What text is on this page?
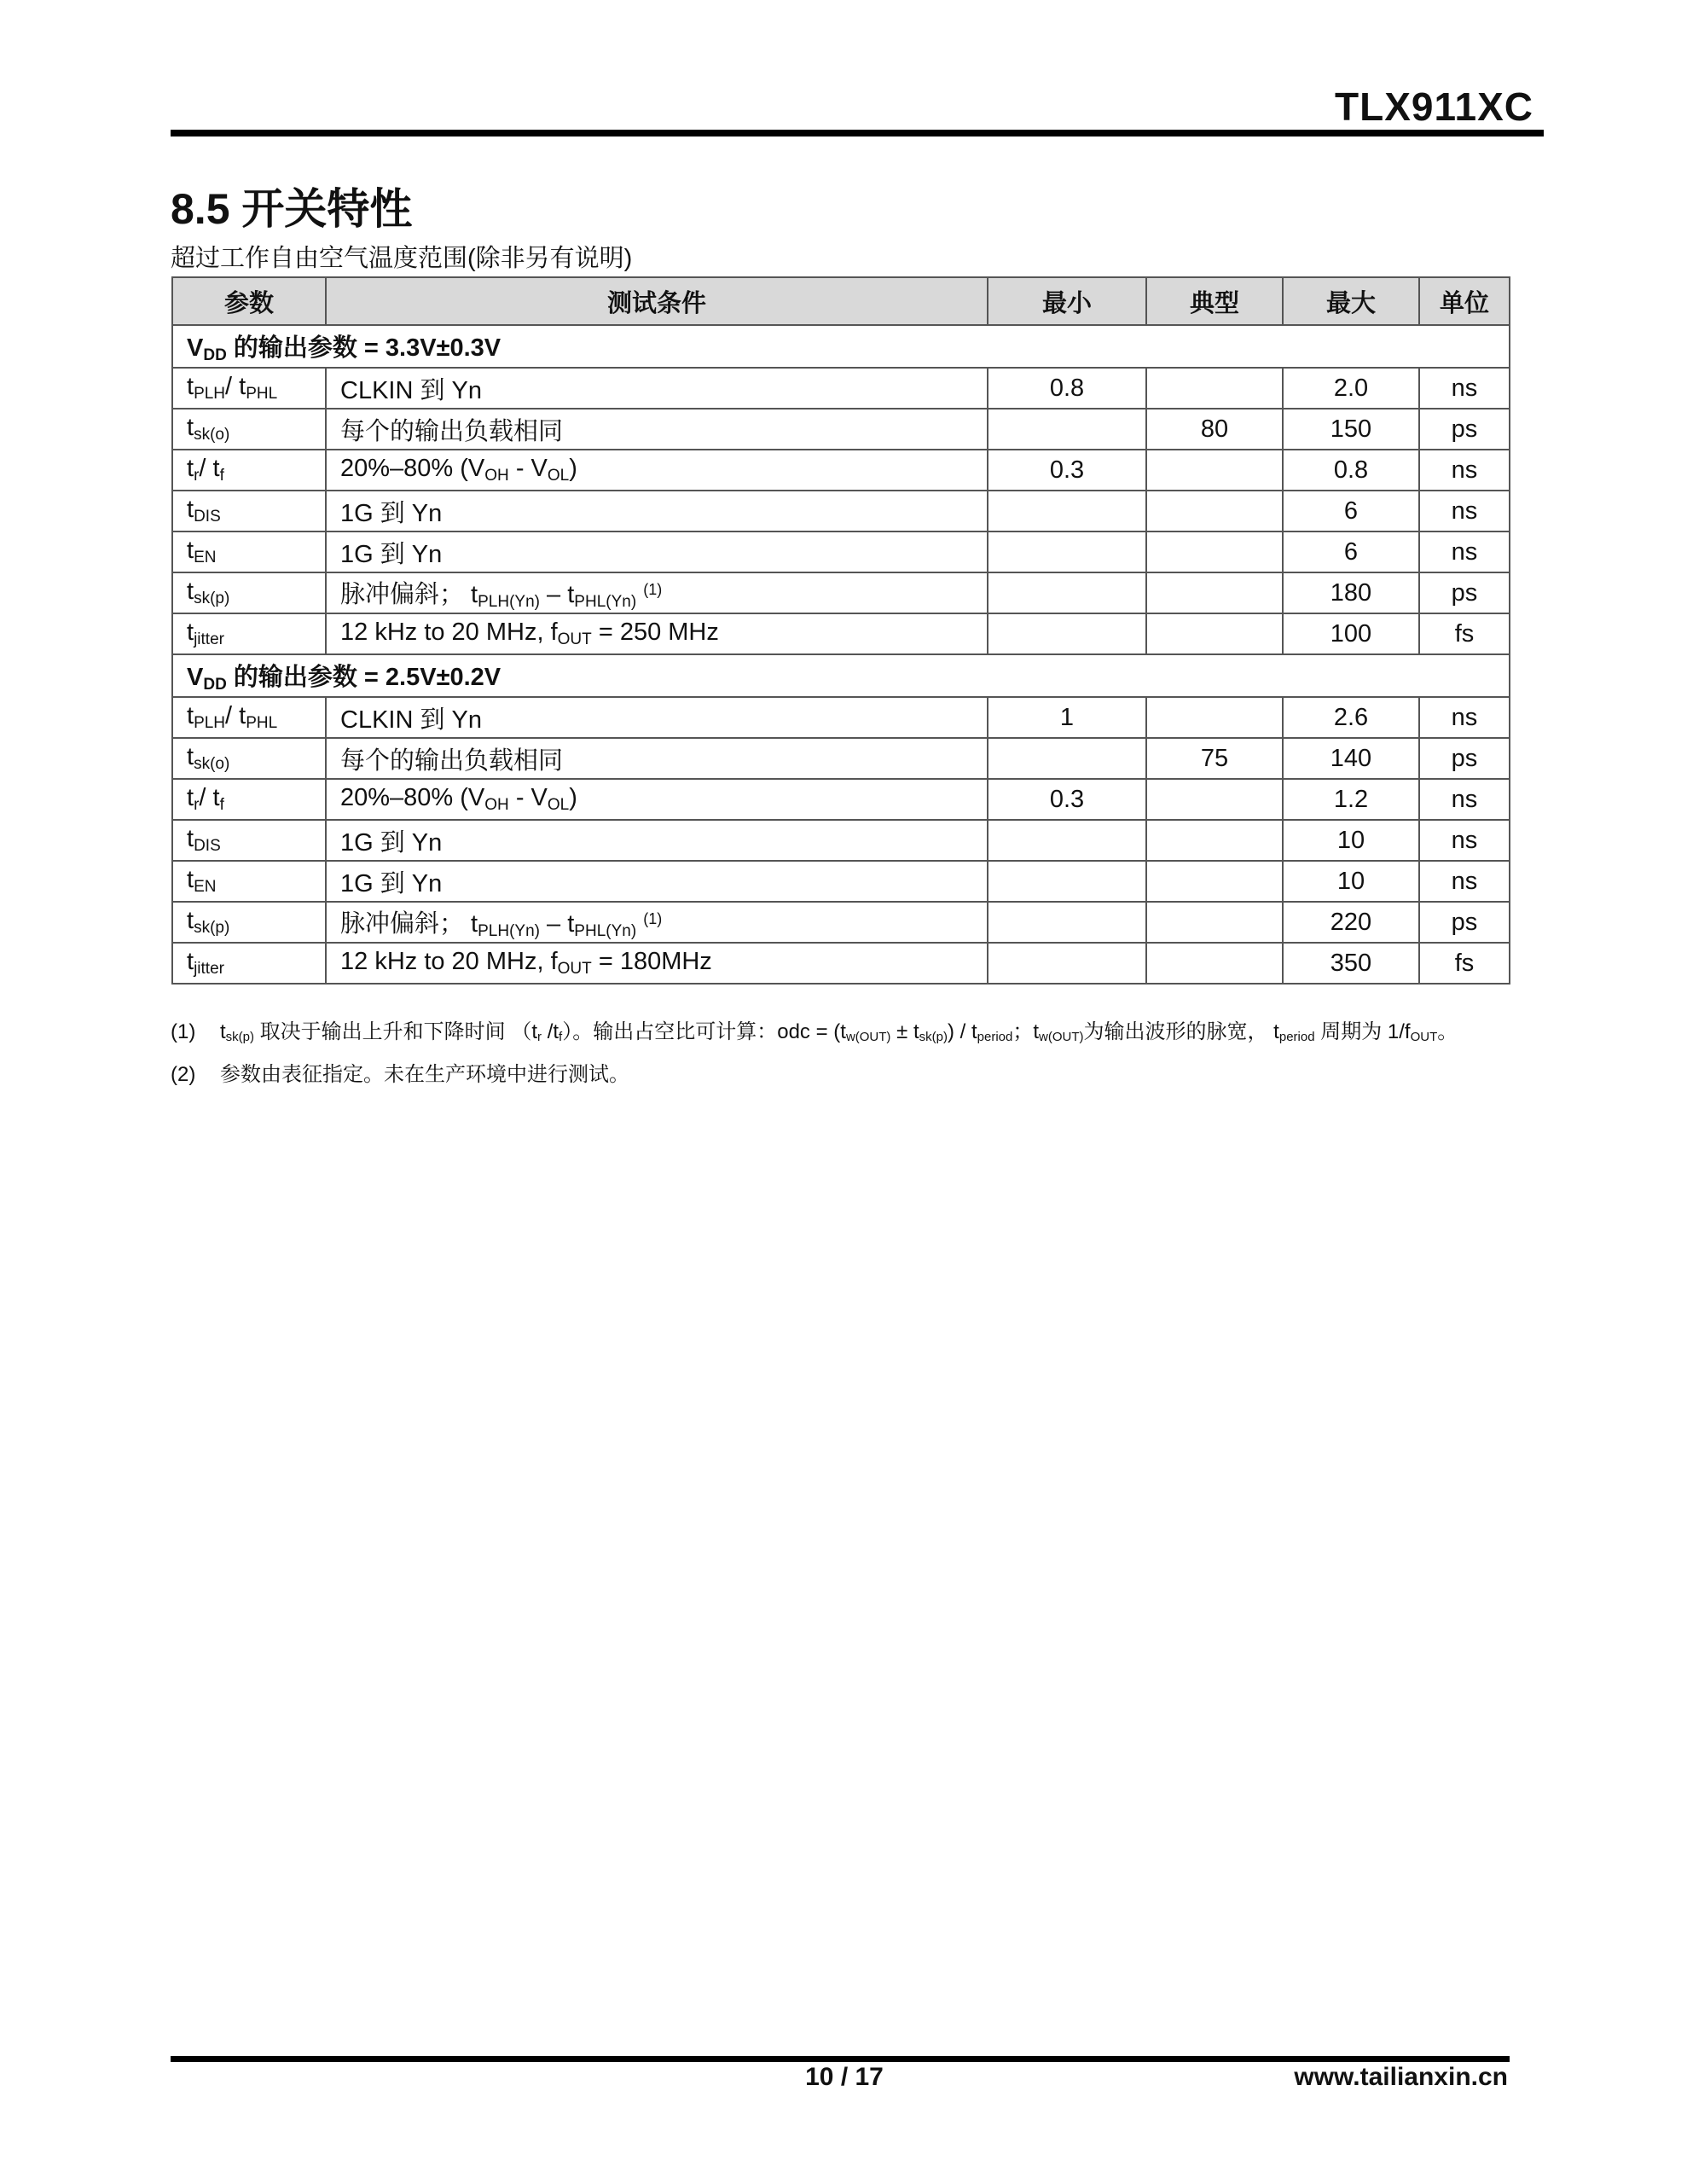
TLX911XC
8.5 开关特性
超过工作自由空气温度范围(除非另有说明)
参数	测试条件	最小	典型	最大	单位
VDD 的输出参数 = 3.3V±0.3V					
tPLH/ tPHL	CLKIN 到 Yn	0.8		2.0	ns
tsk(o)	每个的输出负载相同		80	150	ps
tr/ tf	20%–80% (VOH - VOL)	0.3		0.8	ns
tDIS	1G 到 Yn			6	ns
tEN	1G 到 Yn			6	ns
tsk(p)	脉冲偏斜； tPLH(Yn) – tPHL(Yn) $^{(1)}$			180	ps
tjitter	12 kHz to 20 MHz, fOUT = 250 MHz			100	fs
VDD 的输出参数 = 2.5V±0.2V					
tPLH/ tPHL	CLKIN 到 Yn	1		2.6	ns
tsk(o)	每个的输出负载相同		75	140	ps
tr/ tf	20%–80% (VOH - VOL)	0.3		1.2	ns
tDIS	1G 到 Yn			10	ns
tEN	1G 到 Yn			10	ns
tsk(p)	脉冲偏斜； tPLH(Yn) – tPHL(Yn) $^{(1)}$			220	ps
tjitter	12 kHz to 20 MHz, fOUT = 180MHz			350	fs
(1) tsk(p) 取决于输出上升和下降时间 （tr /tf）。输出占空比可计算：odc = (tw(OUT) ± tsk(p)) / tperiod；tw(OUT)为输出波形的脉宽， tperiod 周期为 1/fOUT。
(2) 参数由表征指定。未在生产环境中进行测试。
10 / 17	www.tailianxin.cn
